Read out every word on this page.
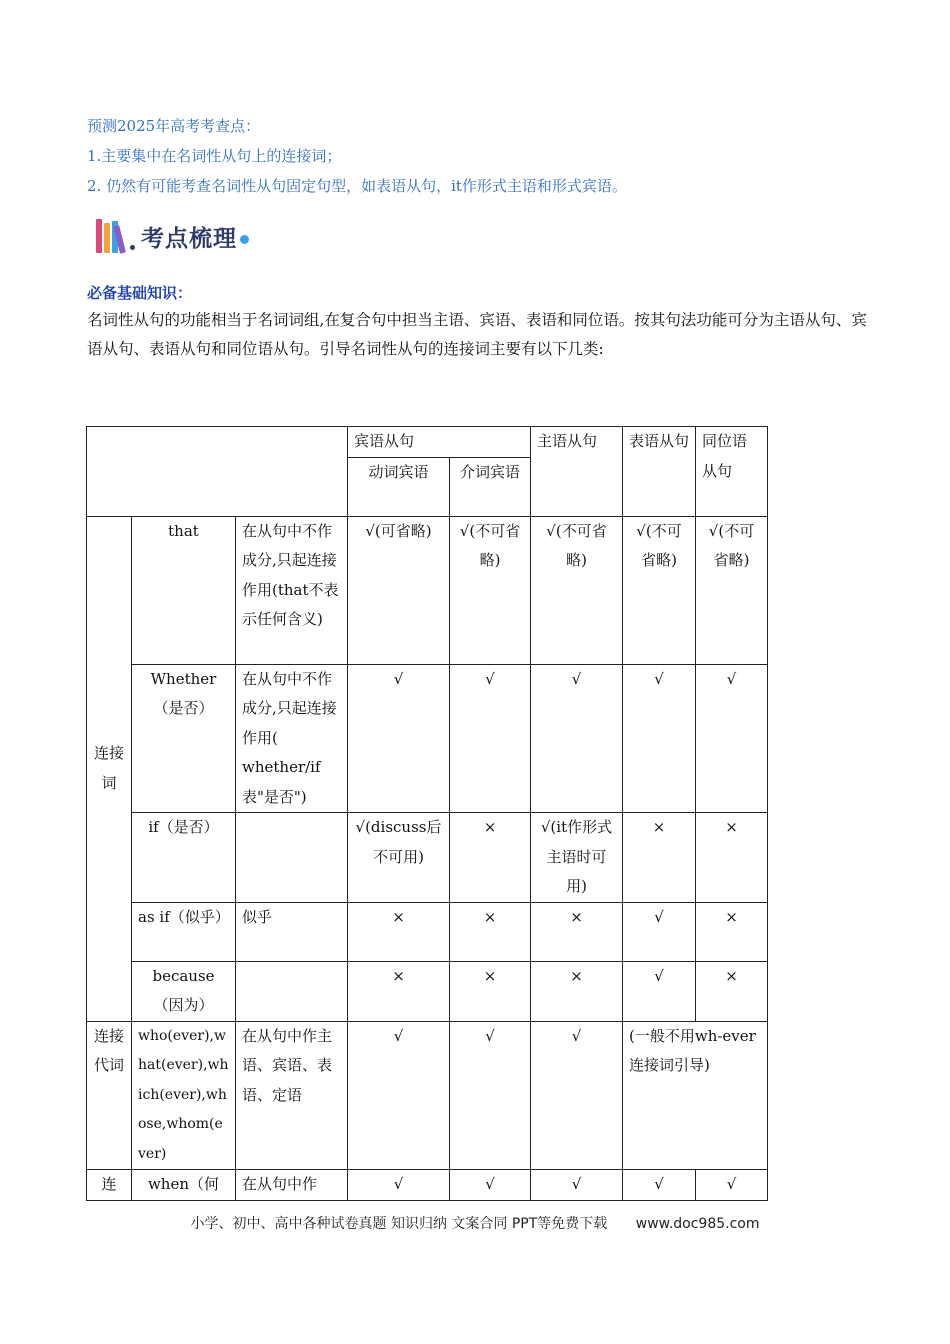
预测2025年高考考查点：
1.主要集中在名词性从句上的连接词；
2. 仍然有可能考查名词性从句固定句型，如表语从句，it作形式主语和形式宾语。
考点梳理
必备基础知识：
名词性从句的功能相当于名词词组,在复合句中担当主语、宾语、表语和同位语。按其句法功能可分为主语从句、宾语从句、表语从句和同位语从句。引导名词性从句的连接词主要有以下几类:
			宾语从句		主语从句	表语从句	同位语从句
			动词宾语	介词宾语			
连接词	that	在从句中不作成分,只起连接作用(that不表示任何含义)	√(可省略)	√(不可省略)	√(不可省略)	√(不可省略)	√(不可省略)
	Whether（是否）	在从句中不作成分,只起连接作用( whether/if表"是否")	√	√	√	√	√
	if（是否）		√(discuss后不可用)	×	√(it作形式主语时可用)	×	×
	as if（似乎）	似乎	×	×	×	√	×
	because（因为）		×	×	×	√	×
连接代词	who(ever),what(ever),which(ever),whose,whom(ever)	在从句中作主语、宾语、表语、定语	√	√	√	(一般不用wh-ever连接词引导)	
连	when（何	在从句中作	√	√	√	√	√
小学、初中、高中各种试卷真题 知识归纳 文案合同 PPT等免费下载 www.doc985.com
